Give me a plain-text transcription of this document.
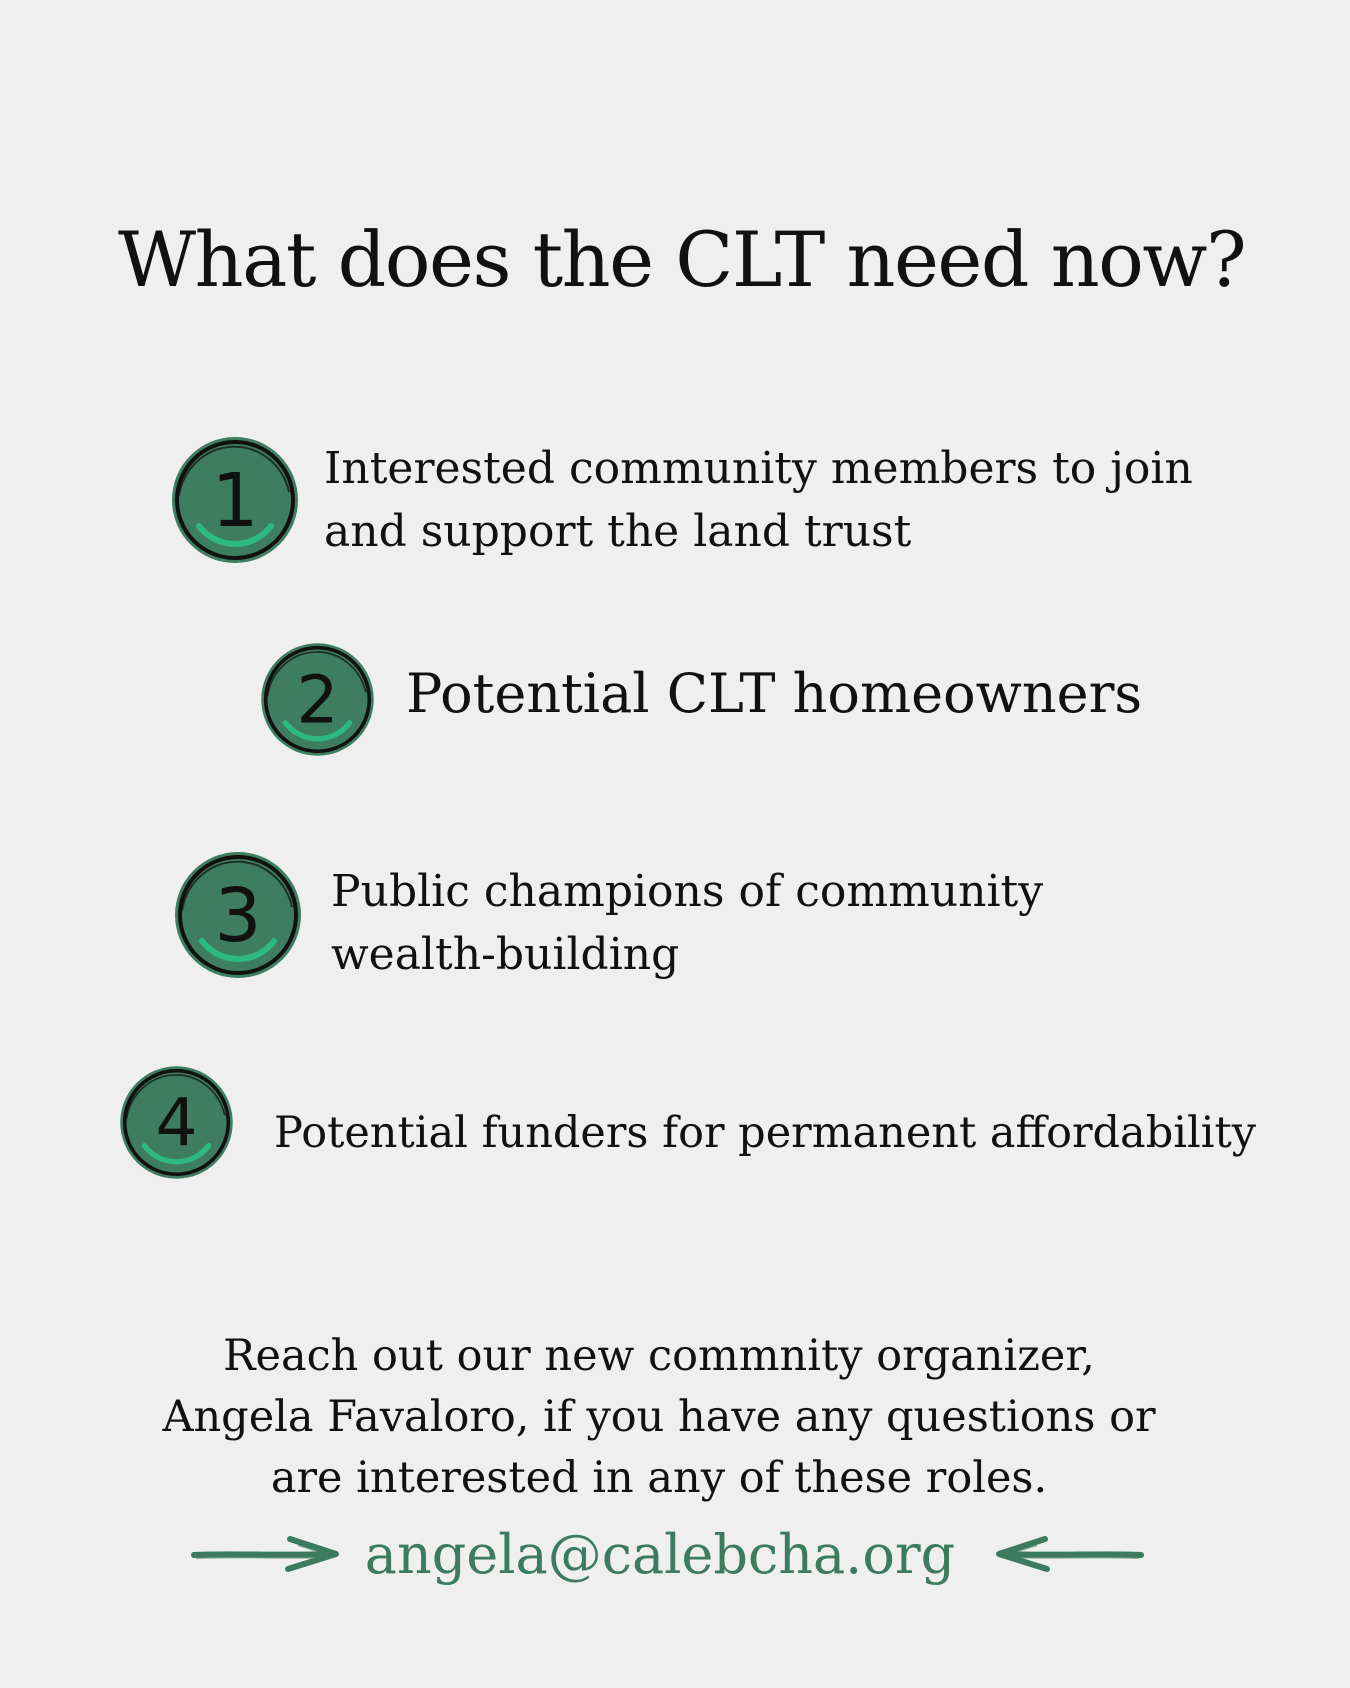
What does the CLT need now?
1 Interested community members to join
and support the land trust
2 Potential CLT homeowners
3 Public champions of community
wealth-building
4 Potential funders for permanent affordability
Reach out our new commnity organizer,
Angela Favaloro, if you have any questions or
are interested in any of these roles.
angela@calebcha.org
